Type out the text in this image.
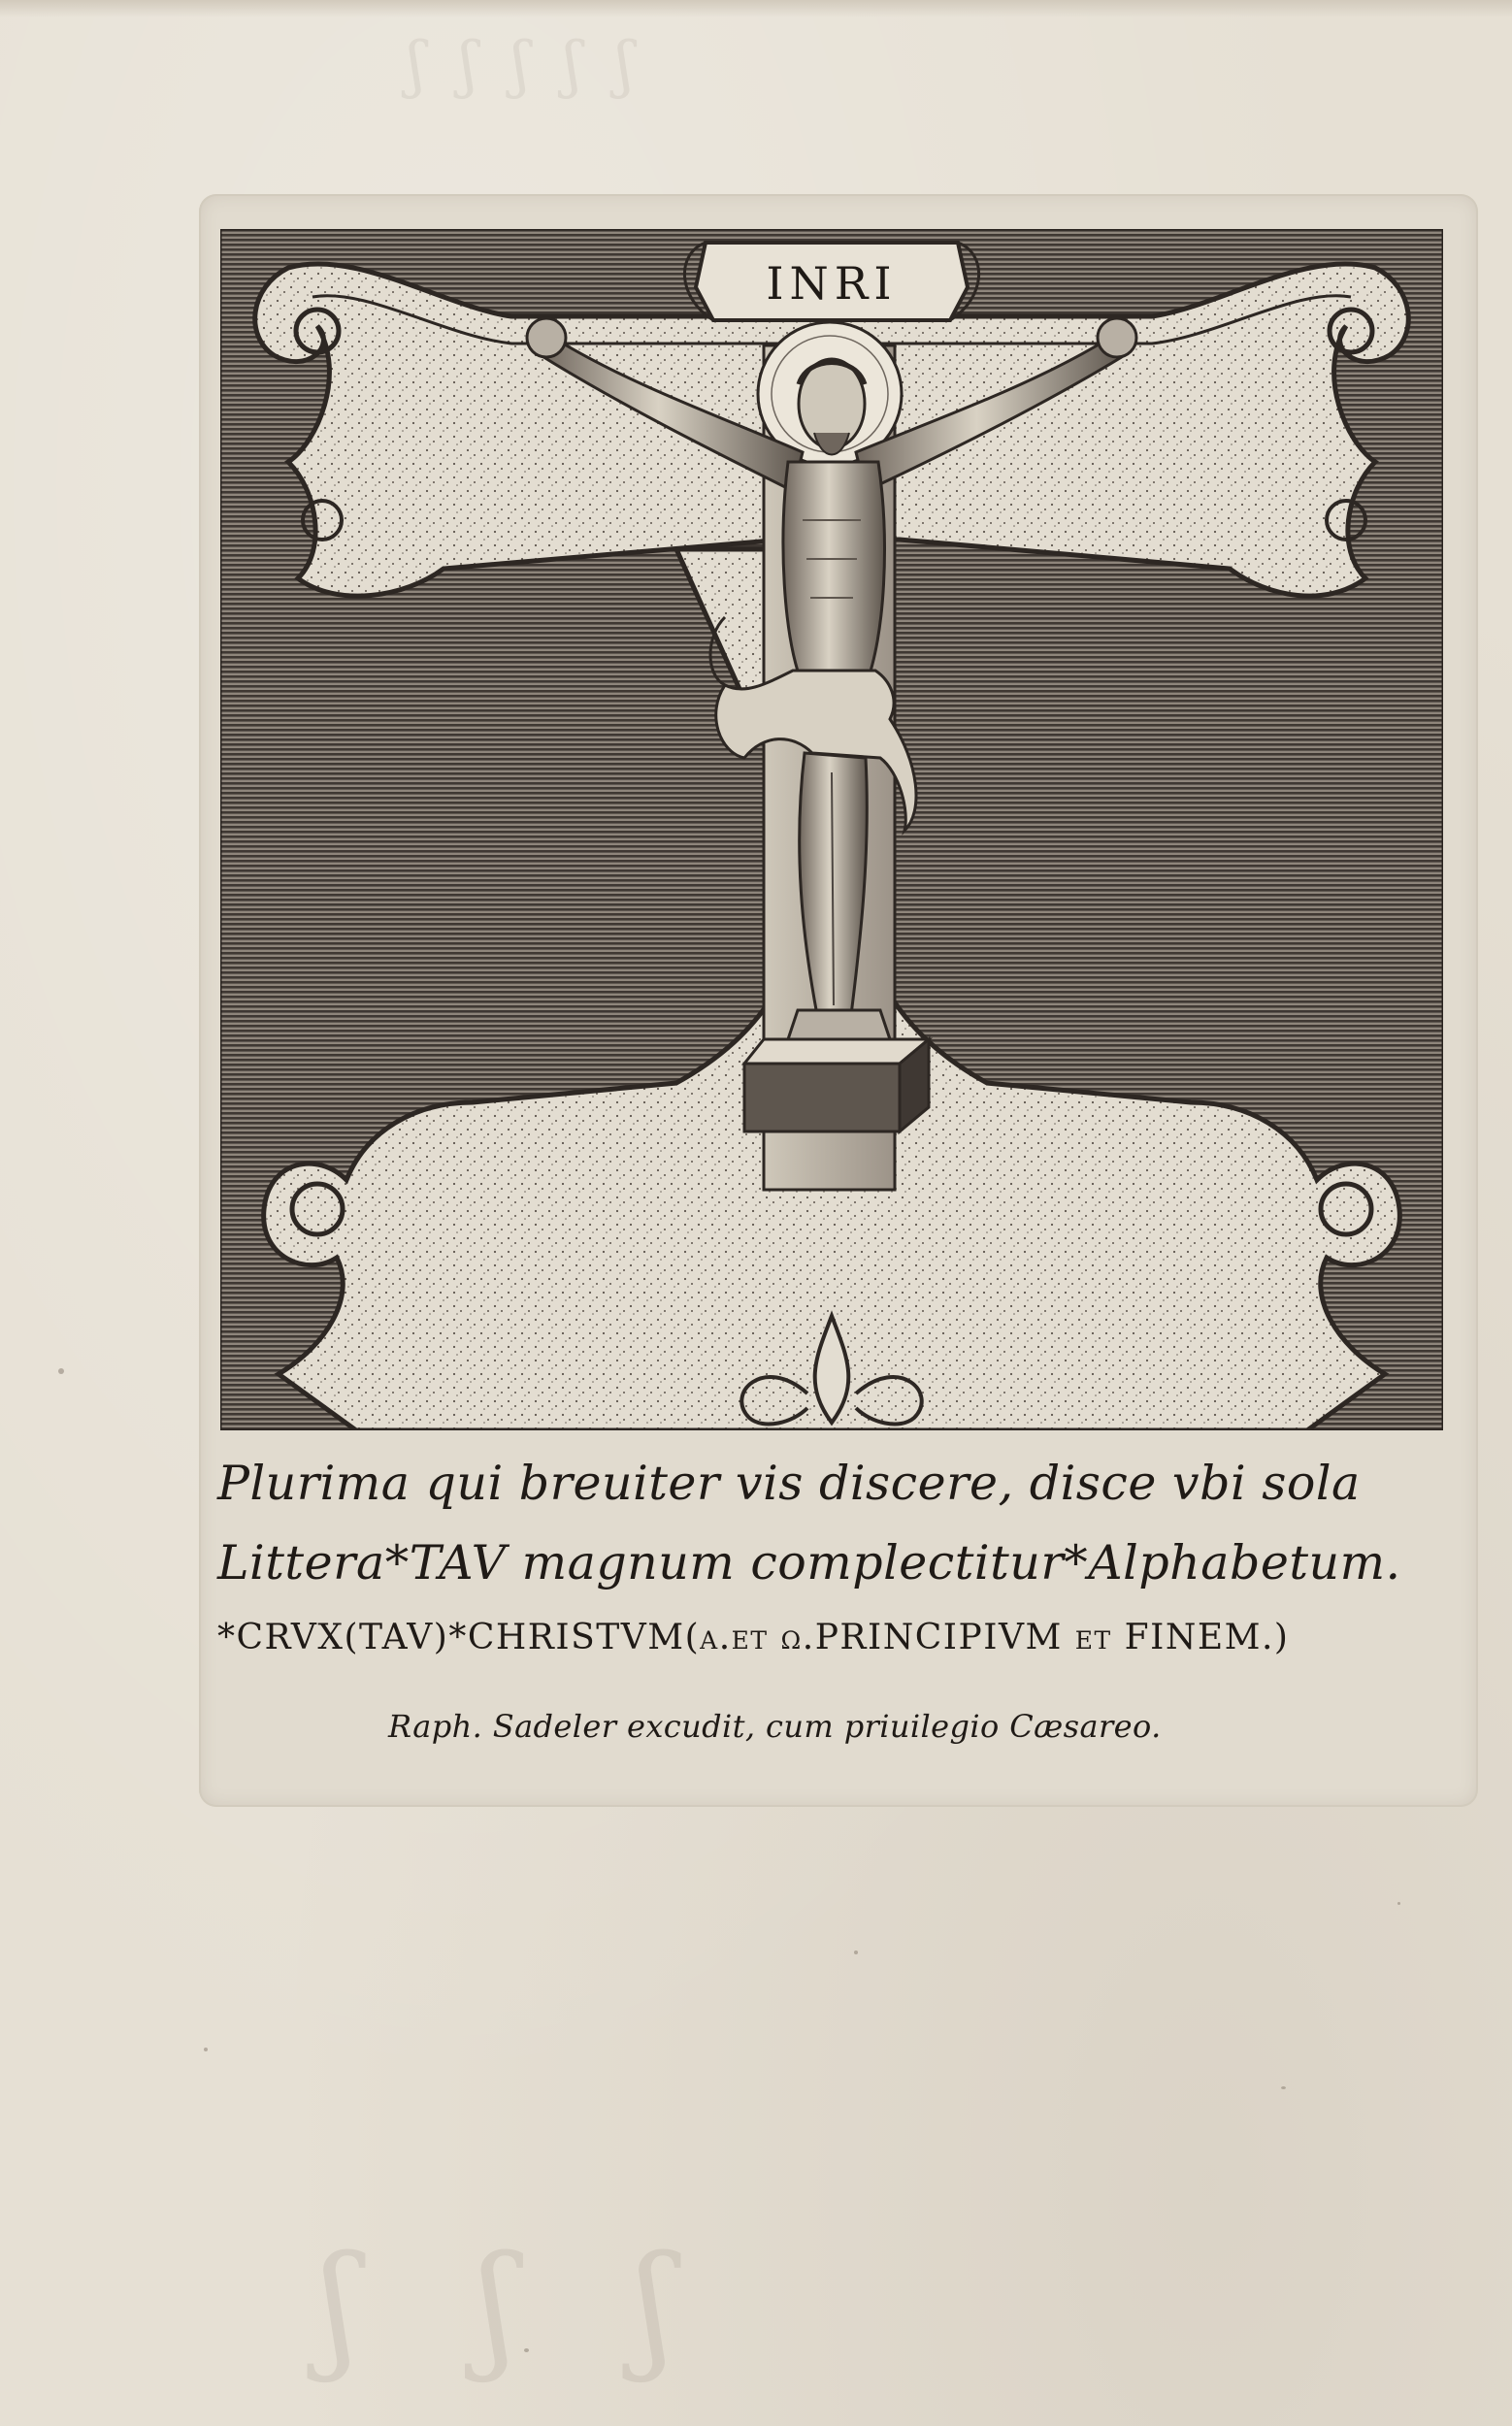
ʃ ʃ ʃ ʃ ʃ
INRI
Plurima qui breuiter vis discere, disce vbi sola
Littera*TAV magnum complectitur*Alphabetum.
*CRVX(TAV)*CHRISTVM(α.et ω.PRINCIPIVM et FINEM.)
Raph. Sadeler excudit, cum priuilegio Cæsareo.
ʃ ʃ ʃ
